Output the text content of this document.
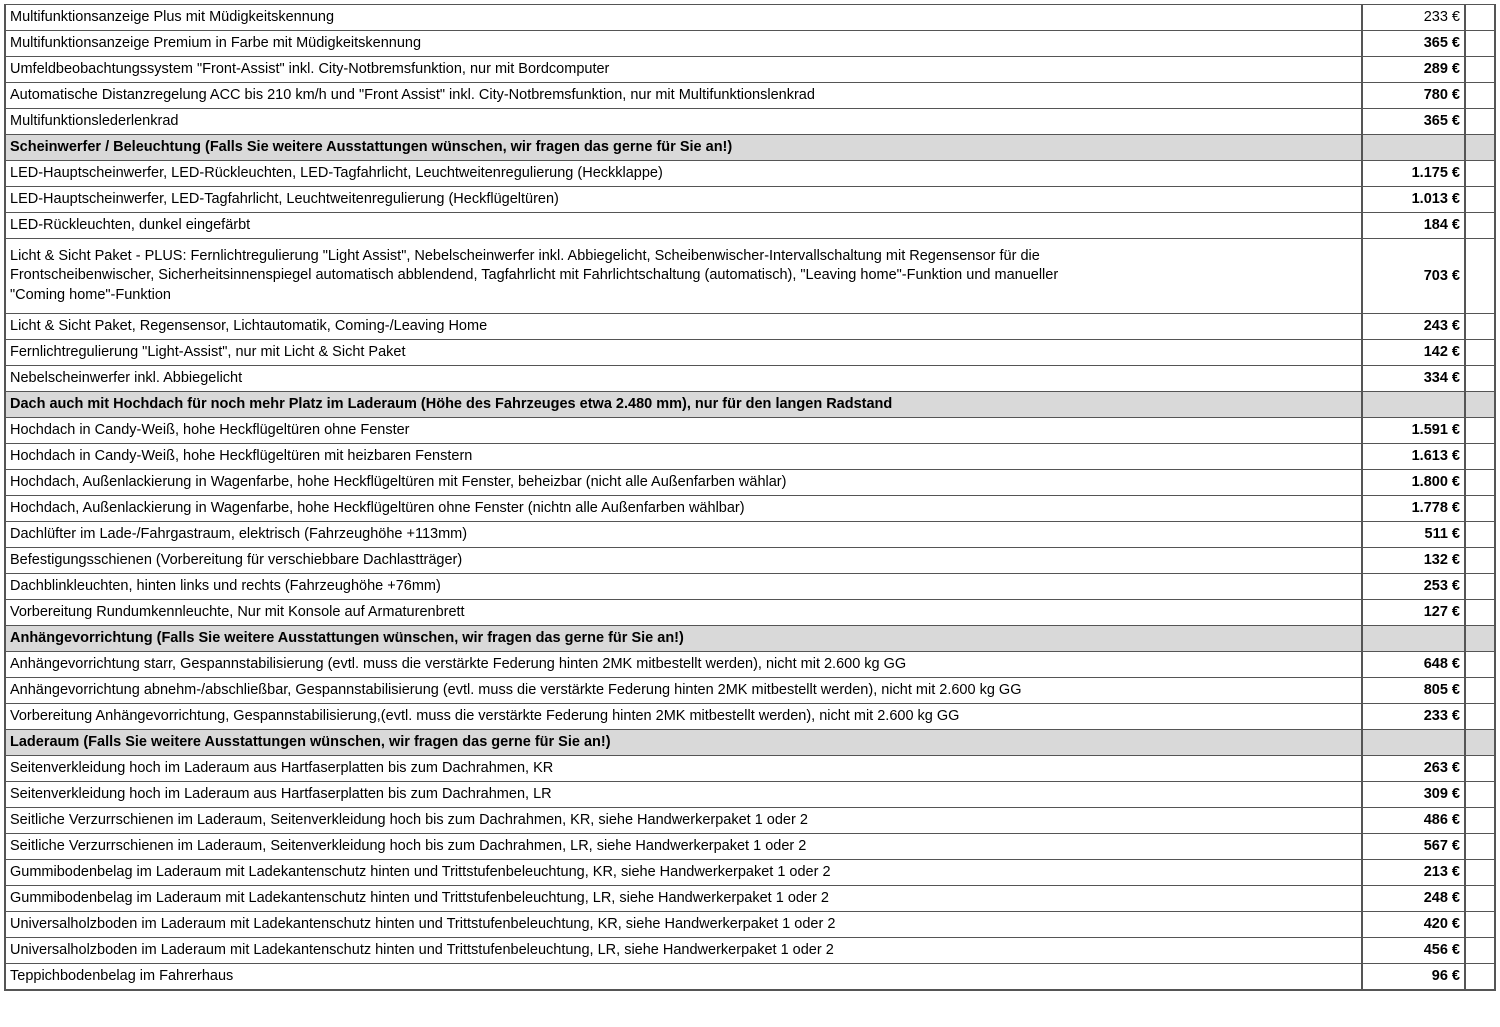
Multifunktionsanzeige Plus mit Müdigkeitskennung	233 €	
Multifunktionsanzeige Premium in Farbe mit Müdigkeitskennung	365 €	
Umfeldbeobachtungssystem "Front-Assist" inkl. City-Notbremsfunktion, nur mit Bordcomputer	289 €	
Automatische Distanzregelung ACC bis 210 km/h und "Front Assist" inkl. City-Notbremsfunktion, nur mit Multifunktionslenkrad	780 €	
Multifunktionslederlenkrad	365 €	
Scheinwerfer / Beleuchtung (Falls Sie weitere Ausstattungen wünschen, wir fragen das gerne für Sie an!)		
LED-Hauptscheinwerfer, LED-Rückleuchten, LED-Tagfahrlicht, Leuchtweitenregulierung (Heckklappe)	1.175 €	
LED-Hauptscheinwerfer, LED-Tagfahrlicht, Leuchtweitenregulierung (Heckflügeltüren)	1.013 €	
LED-Rückleuchten, dunkel eingefärbt	184 €	

Licht & Sicht Paket - PLUS: Fernlichtregulierung "Light Assist", Nebelscheinwerfer inkl. Abbiegelicht, Scheibenwischer-Intervallschaltung mit Regensensor für die Frontscheibenwischer, Sicherheitsinnenspiegel automatisch abblendend, Tagfahrlicht mit Fahrlichtschaltung (automatisch), "Leaving home"-Funktion und manueller "Coming home"-Funktion	703 €	
Licht & Sicht Paket, Regensensor, Lichtautomatik, Coming-/Leaving Home	243 €	
Fernlichtregulierung "Light-Assist", nur mit Licht & Sicht Paket	142 €	
Nebelscheinwerfer inkl. Abbiegelicht	334 €	
Dach auch mit Hochdach für noch mehr Platz im Laderaum (Höhe des Fahrzeuges etwa 2.480 mm), nur für den langen Radstand		
Hochdach in Candy-Weiß, hohe Heckflügeltüren ohne Fenster	1.591 €	
Hochdach in Candy-Weiß, hohe Heckflügeltüren mit heizbaren Fenstern	1.613 €	
Hochdach, Außenlackierung in Wagenfarbe, hohe Heckflügeltüren mit Fenster, beheizbar (nicht alle Außenfarben wählar)	1.800 €	
Hochdach, Außenlackierung in Wagenfarbe, hohe Heckflügeltüren ohne Fenster (nichtn alle Außenfarben wählbar)	1.778 €	
Dachlüfter im Lade-/Fahrgastraum, elektrisch (Fahrzeughöhe +113mm)	511 €	
Befestigungsschienen (Vorbereitung für verschiebbare Dachlastträger)	132 €	
Dachblinkleuchten, hinten links und rechts (Fahrzeughöhe +76mm)	253 €	
Vorbereitung Rundumkennleuchte, Nur mit Konsole auf Armaturenbrett	127 €	
Anhängevorrichtung (Falls Sie weitere Ausstattungen wünschen, wir fragen das gerne für Sie an!)		
Anhängevorrichtung starr, Gespannstabilisierung (evtl. muss die verstärkte Federung hinten 2MK mitbestellt werden), nicht mit 2.600 kg GG	648 €	
Anhängevorrichtung abnehm-/abschließbar, Gespannstabilisierung (evtl. muss die verstärkte Federung hinten 2MK mitbestellt werden), nicht mit 2.600 kg GG	805 €	
Vorbereitung Anhängevorrichtung, Gespannstabilisierung,(evtl. muss die verstärkte Federung hinten 2MK mitbestellt werden), nicht mit 2.600 kg GG	233 €	
Laderaum (Falls Sie weitere Ausstattungen wünschen, wir fragen das gerne für Sie an!)		
Seitenverkleidung hoch im Laderaum aus Hartfaserplatten bis zum Dachrahmen, KR	263 €	
Seitenverkleidung hoch im Laderaum aus Hartfaserplatten bis zum Dachrahmen, LR	309 €	
Seitliche Verzurrschienen im Laderaum, Seitenverkleidung hoch bis zum Dachrahmen, KR, siehe Handwerkerpaket 1 oder 2	486 €	
Seitliche Verzurrschienen im Laderaum, Seitenverkleidung hoch bis zum Dachrahmen, LR, siehe Handwerkerpaket 1 oder 2	567 €	
Gummibodenbelag im Laderaum mit Ladekantenschutz hinten und Trittstufenbeleuchtung, KR, siehe Handwerkerpaket 1 oder 2	213 €	
Gummibodenbelag im Laderaum mit Ladekantenschutz hinten und Trittstufenbeleuchtung, LR, siehe Handwerkerpaket 1 oder 2	248 €	
Universalholzboden im Laderaum mit Ladekantenschutz hinten und Trittstufenbeleuchtung, KR, siehe Handwerkerpaket 1 oder 2	420 €	
Universalholzboden im Laderaum mit Ladekantenschutz hinten und Trittstufenbeleuchtung, LR, siehe Handwerkerpaket 1 oder 2	456 €	
Teppichbodenbelag im Fahrerhaus	96 €	
